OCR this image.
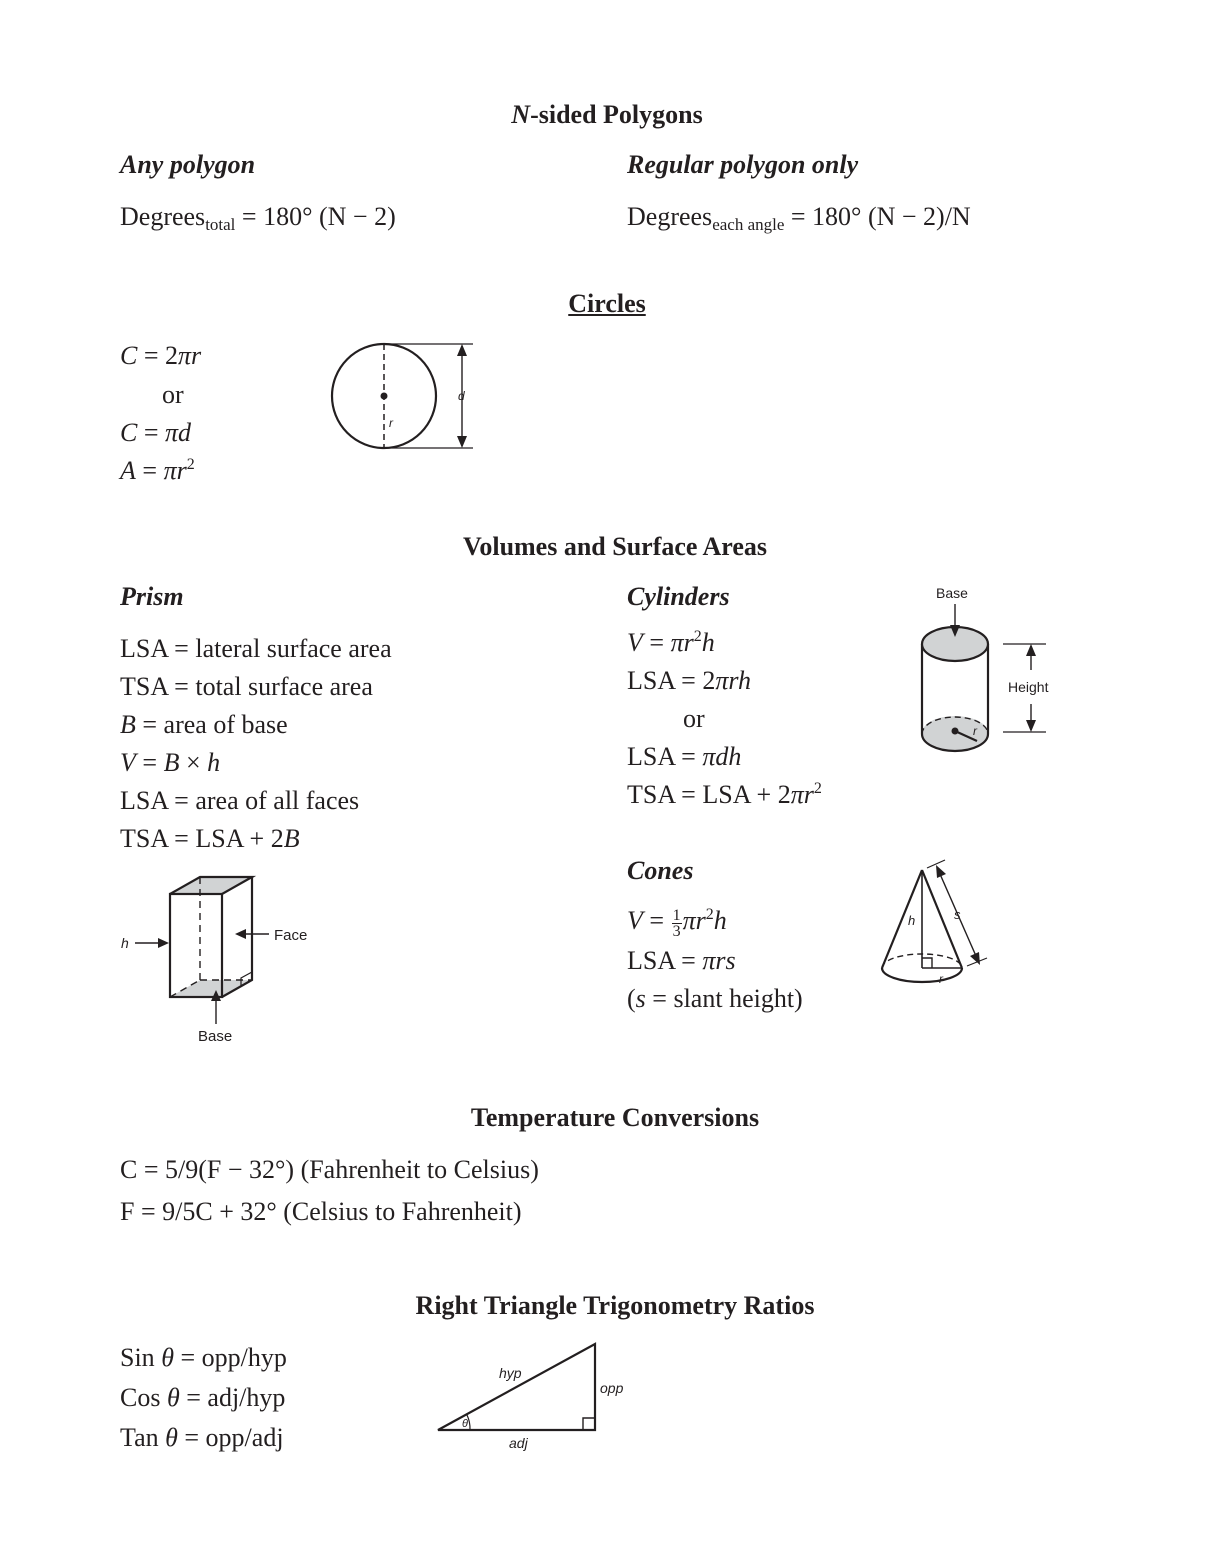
N-sided Polygons
Any polygon	Regular polygon only
Degrees$_{total}$ = 180° (N − 2)	Degrees$_{each angle}$ = 180° (N − 2)/N
Circles
C = 2πr
or
C = πd
$A = \pi r^2$
d
r
Volumes and Surface Areas
Prism
LSA = lateral surface area
TSA = total surface area
B = area of base
V = B × h
LSA = area of all faces
TSA = LSA + 2B
h	Face
Base
Cylinders
$V = \pi r^2h$
LSA = 2πrh
or
LSA = πdh
TSA = LSA + $2\pi r^2$
Base
r
Height
Cones
$V = \frac{1}{3} \pi r^2h$
LSA = πrs
(s = slant height)
h
r
s
Temperature Conversions
C = 5/9(F − 32°) (Fahrenheit to Celsius)
F = 9/5C + 32° (Celsius to Fahrenheit)
Right Triangle Trigonometry Ratios
Sin θ = opp/hyp
Cos θ = adj/hyp
Tan θ = opp/adj	θ
hyp
opp
adj
